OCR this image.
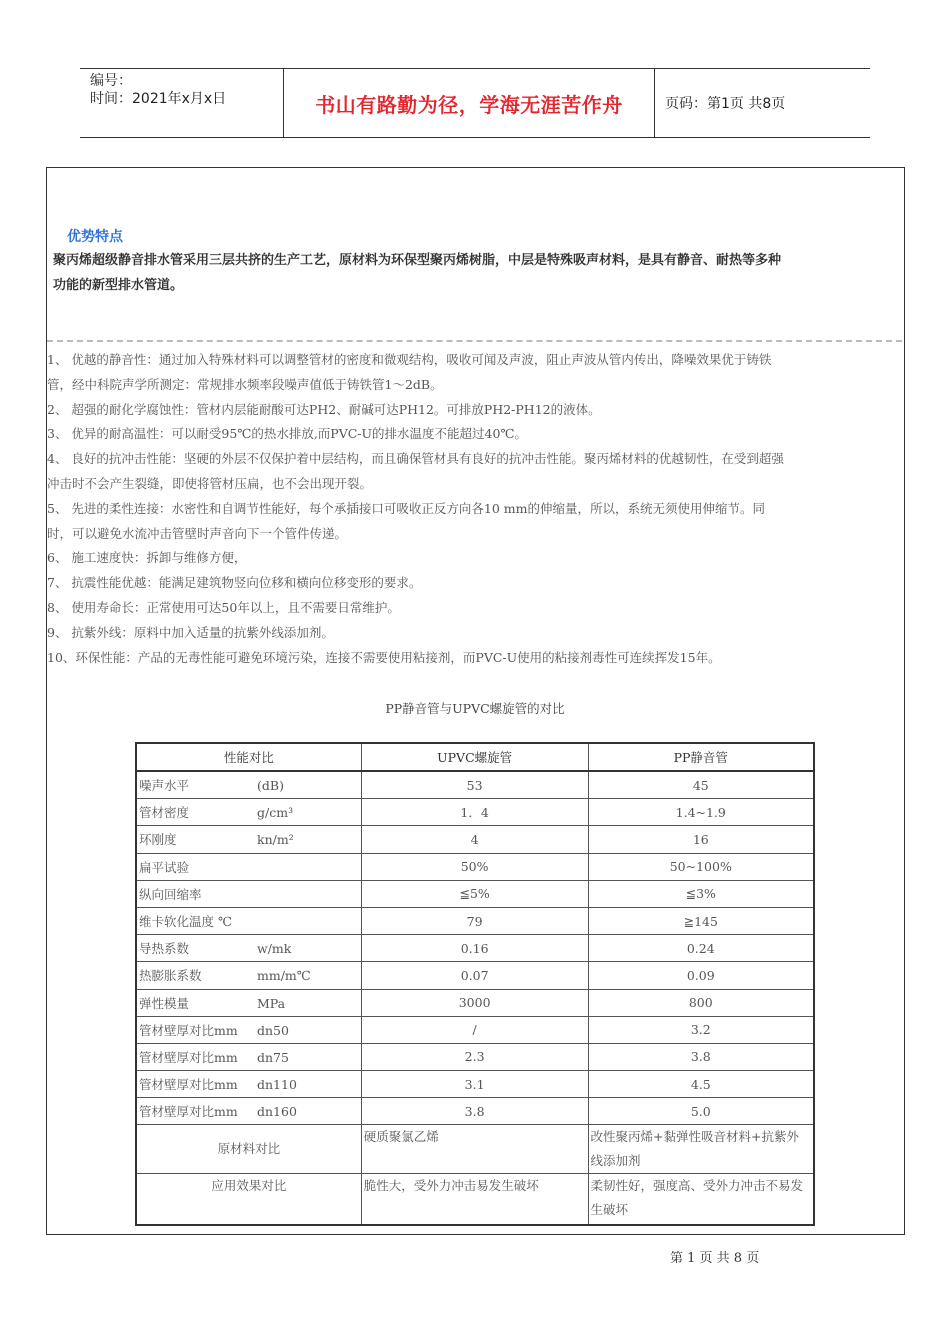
编号：
时间：2021年x月x日	书山有路勤为径，学海无涯苦作舟	页码：第1页 共8页
优势特点
聚丙烯超级静音排水管采用三层共挤的生产工艺，原材料为环保型聚丙烯树脂，中层是特殊吸声材料，是具有静音、耐热等多种
功能的新型排水管道。

1、 优越的静音性：通过加入特殊材料可以调整管材的密度和微观结构，吸收可闻及声波，阻止声波从管内传出，降噪效果优于铸铁

管，经中科院声学所测定：常规排水频率段噪声值低于铸铁管1～2dB。

2、 超强的耐化学腐蚀性：管材内层能耐酸可达PH2、耐碱可达PH12。可排放PH2-PH12的液体。

3、 优异的耐高温性：可以耐受95℃的热水排放,而PVC-U的排水温度不能超过40℃。

4、 良好的抗冲击性能：坚硬的外层不仅保护着中层结构，而且确保管材具有良好的抗冲击性能。聚丙烯材料的优越韧性，在受到超强

冲击时不会产生裂缝，即使将管材压扁，也不会出现开裂。

5、 先进的柔性连接：水密性和自调节性能好，每个承插接口可吸收正反方向各10 mm的伸缩量，所以，系统无须使用伸缩节。同

时，可以避免水流冲击管壁时声音向下一个管件传递。

6、 施工速度快：拆卸与维修方便，

7、 抗震性能优越：能满足建筑物竖向位移和横向位移变形的要求。

8、 使用寿命长：正常使用可达50年以上，且不需要日常维护。

9、 抗紫外线：原料中加入适量的抗紫外线添加剂。

10、环保性能：产品的无毒性能可避免环境污染，连接不需要使用粘接剂，而PVC-U使用的粘接剂毒性可连续挥发15年。

PP静音管与UPVC螺旋管的对比
性能对比	UPVC螺旋管	PP静音管
噪声水平 (dB)	53	45
管材密度 g/cm³	1．4	1.4~1.9
环刚度 kn/m²	4	16
扁平试验	50%	50~100%
纵向回缩率	≦5%	≦3%
维卡软化温度 ℃	79	≧145
导热系数 w/mk	0.16	0.24
热膨胀系数 mm/m℃	0.07	0.09
弹性模量 MPa	3000	800
管材壁厚对比mm dn50	/	3.2
管材壁厚对比mm dn75	2.3	3.8
管材壁厚对比mm dn110	3.1	4.5
管材壁厚对比mm dn160	3.8	5.0
原材料对比	硬质聚氯乙烯	改性聚丙烯+黏弹性吸音材料+抗紫外线添加剂
应用效果对比	脆性大，受外力冲击易发生破坏	柔韧性好，强度高、受外力冲击不易发生破坏
第 1 页 共 8 页
